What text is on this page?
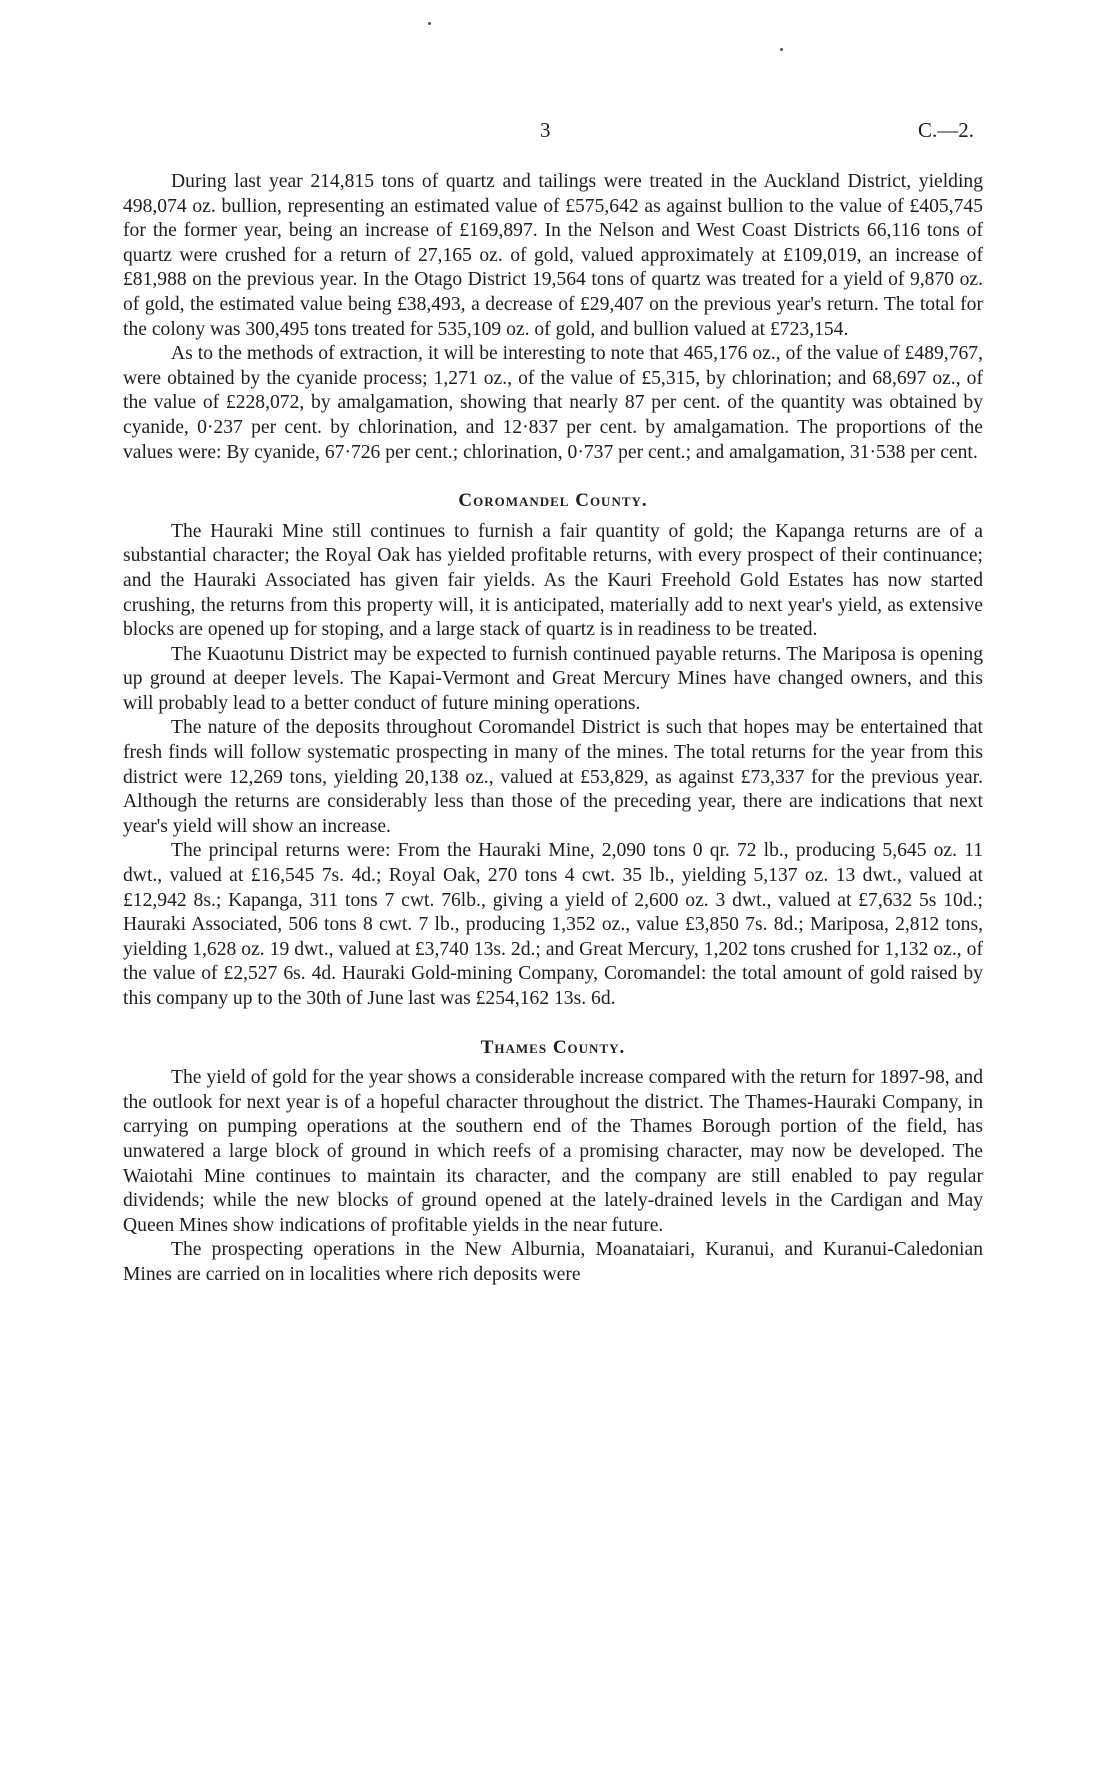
3	C.—2.

During last year 214,815 tons of quartz and tailings were treated in the Auckland District, yielding 498,074 oz. bullion, representing an estimated value of £575,642 as against bullion to the value of £405,745 for the former year, being an increase of £169,897. In the Nelson and West Coast Districts 66,116 tons of quartz were crushed for a return of 27,165 oz. of gold, valued approximately at £109,019, an increase of £81,988 on the previous year. In the Otago District 19,564 tons of quartz was treated for a yield of 9,870 oz. of gold, the estimated value being £38,493, a decrease of £29,407 on the previous year's return. The total for the colony was 300,495 tons treated for 535,109 oz. of gold, and bullion valued at £723,154.

As to the methods of extraction, it will be interesting to note that 465,176 oz., of the value of £489,767, were obtained by the cyanide process; 1,271 oz., of the value of £5,315, by chlorination; and 68,697 oz., of the value of £228,072, by amalgamation, showing that nearly 87 per cent. of the quantity was obtained by cyanide, 0·237 per cent. by chlorination, and 12·837 per cent. by amalgamation. The proportions of the values were: By cyanide, 67·726 per cent.; chlorination, 0·737 per cent.; and amalgamation, 31·538 per cent.

Coromandel County.

The Hauraki Mine still continues to furnish a fair quantity of gold; the Kapanga returns are of a substantial character; the Royal Oak has yielded profitable returns, with every prospect of their continuance; and the Hauraki Associated has given fair yields. As the Kauri Freehold Gold Estates has now started crushing, the returns from this property will, it is anticipated, materially add to next year's yield, as extensive blocks are opened up for stoping, and a large stack of quartz is in readiness to be treated.

The Kuaotunu District may be expected to furnish continued payable returns. The Mariposa is opening up ground at deeper levels. The Kapai-Vermont and Great Mercury Mines have changed owners, and this will probably lead to a better conduct of future mining operations.

The nature of the deposits throughout Coromandel District is such that hopes may be entertained that fresh finds will follow systematic prospecting in many of the mines. The total returns for the year from this district were 12,269 tons, yielding 20,138 oz., valued at £53,829, as against £73,337 for the previous year. Although the returns are considerably less than those of the preceding year, there are indications that next year's yield will show an increase.

The principal returns were: From the Hauraki Mine, 2,090 tons 0 qr. 72 lb., producing 5,645 oz. 11 dwt., valued at £16,545 7s. 4d.; Royal Oak, 270 tons 4 cwt. 35 lb., yielding 5,137 oz. 13 dwt., valued at £12,942 8s.; Kapanga, 311 tons 7 cwt. 76lb., giving a yield of 2,600 oz. 3 dwt., valued at £7,632 5s 10d.; Hauraki Associated, 506 tons 8 cwt. 7 lb., producing 1,352 oz., value £3,850 7s. 8d.; Mariposa, 2,812 tons, yielding 1,628 oz. 19 dwt., valued at £3,740 13s. 2d.; and Great Mercury, 1,202 tons crushed for 1,132 oz., of the value of £2,527 6s. 4d. Hauraki Gold-mining Company, Coromandel: the total amount of gold raised by this company up to the 30th of June last was £254,162 13s. 6d.

Thames County.

The yield of gold for the year shows a considerable increase compared with the return for 1897-98, and the outlook for next year is of a hopeful character throughout the district. The Thames-Hauraki Company, in carrying on pumping operations at the southern end of the Thames Borough portion of the field, has unwatered a large block of ground in which reefs of a promising character, may now be developed. The Waiotahi Mine continues to maintain its character, and the company are still enabled to pay regular dividends; while the new blocks of ground opened at the lately-drained levels in the Cardigan and May Queen Mines show indications of profitable yields in the near future.

The prospecting operations in the New Alburnia, Moanataiari, Kuranui, and Kuranui-Caledonian Mines are carried on in localities where rich deposits were
